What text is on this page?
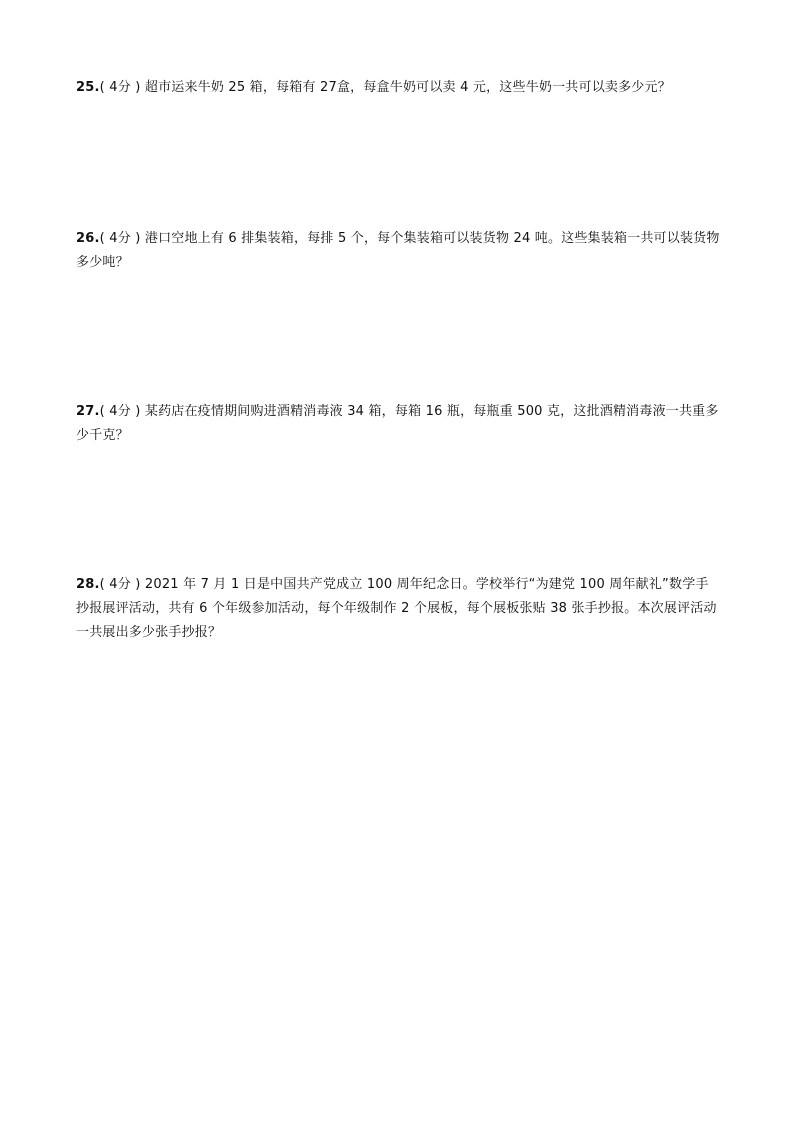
25.( 4分 ) 超市运来牛奶 25 箱，每箱有 27盒，每盒牛奶可以卖 4 元，这些牛奶一共可以卖多少元？
26.( 4分 ) 港口空地上有 6 排集装箱，每排 5 个，每个集装箱可以装货物 24 吨。这些集装箱一共可以装货物多少吨？
27.( 4分 ) 某药店在疫情期间购进酒精消毒液 34 箱，每箱 16 瓶，每瓶重 500 克，这批酒精消毒液一共重多少千克？
28.( 4分 ) 2021 年 7 月 1 日是中国共产党成立 100 周年纪念日。学校举行“为建党 100 周年献礼”数学手抄报展评活动，共有 6 个年级参加活动，每个年级制作 2 个展板，每个展板张贴 38 张手抄报。本次展评活动一共展出多少张手抄报？
